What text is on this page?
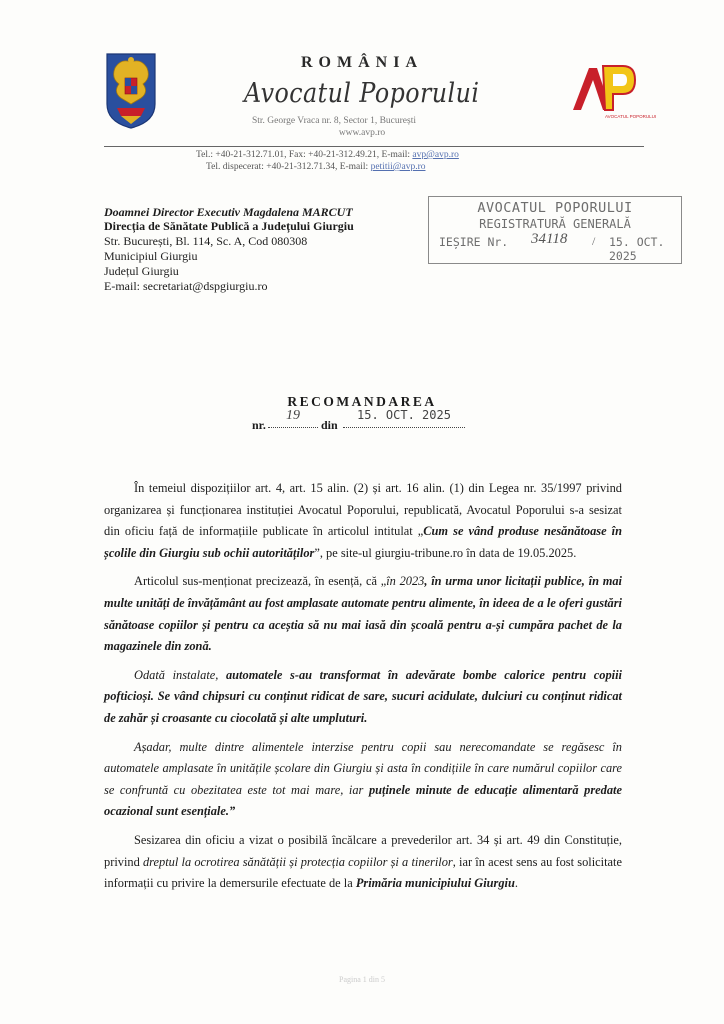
ROMÂNIA
Avocatul Poporului
Str. George Vraca nr. 8, Sector 1, București
www.avp.ro
AVOCATUL POPORULUI
Tel.: +40-21-312.71.01, Fax: +40-21-312.49.21, E-mail: avp@avp.ro
Tel. dispecerat: +40-21-312.71.34, E-mail: petitii@avp.ro
Doamnei Director Executiv Magdalena MARCUT
Direcția de Sănătate Publică a Județului Giurgiu
Str. București, Bl. 114, Sc. A, Cod 080308
Municipiul Giurgiu
Județul Giurgiu
E-mail: secretariat@dspgiurgiu.ro
AVOCATUL POPORULUI
REGISTRATURĂ GENERALĂ
IEȘIRE Nr. 34118 / 15. OCT. 2025
RECOMANDAREA
nr.
19
din
15. OCT. 2025

În temeiul dispozițiilor art. 4, art. 15 alin. (2) și art. 16 alin. (1) din Legea nr. 35/1997 privind organizarea și funcționarea instituției Avocatul Poporului, republicată, Avocatul Poporului s-a sesizat din oficiu față de informațiile publicate în articolul intitulat „Cum se vând produse nesănătoase în școlile din Giurgiu sub ochii autorităților”, pe site-ul giurgiu-tribune.ro în data de 19.05.2025.

Articolul sus-menționat precizează, în esență, că „în 2023, în urma unor licitații publice, în mai multe unități de învățământ au fost amplasate automate pentru alimente, în ideea de a le oferi gustări sănătoase copiilor și pentru ca aceștia să nu mai iasă din școală pentru a-și cumpăra pachet de la magazinele din zonă.

Odată instalate, automatele s-au transformat în adevărate bombe calorice pentru copiii pofticioși. Se vând chipsuri cu conținut ridicat de sare, sucuri acidulate, dulciuri cu conținut ridicat de zahăr și croasante cu ciocolată și alte umpluturi.

Așadar, multe dintre alimentele interzise pentru copii sau nerecomandate se regăsesc în automatele amplasate în unitățile școlare din Giurgiu și asta în condițiile în care numărul copiilor care se confruntă cu obezitatea este tot mai mare, iar puținele minute de educație alimentară predate ocazional sunt esențiale.”

Sesizarea din oficiu a vizat o posibilă încălcare a prevederilor art. 34 și art. 49 din Constituție, privind dreptul la ocrotirea sănătății și protecția copiilor și a tinerilor, iar în acest sens au fost solicitate informații cu privire la demersurile efectuate de la Primăria municipiului Giurgiu.

Pagina 1 din 5
